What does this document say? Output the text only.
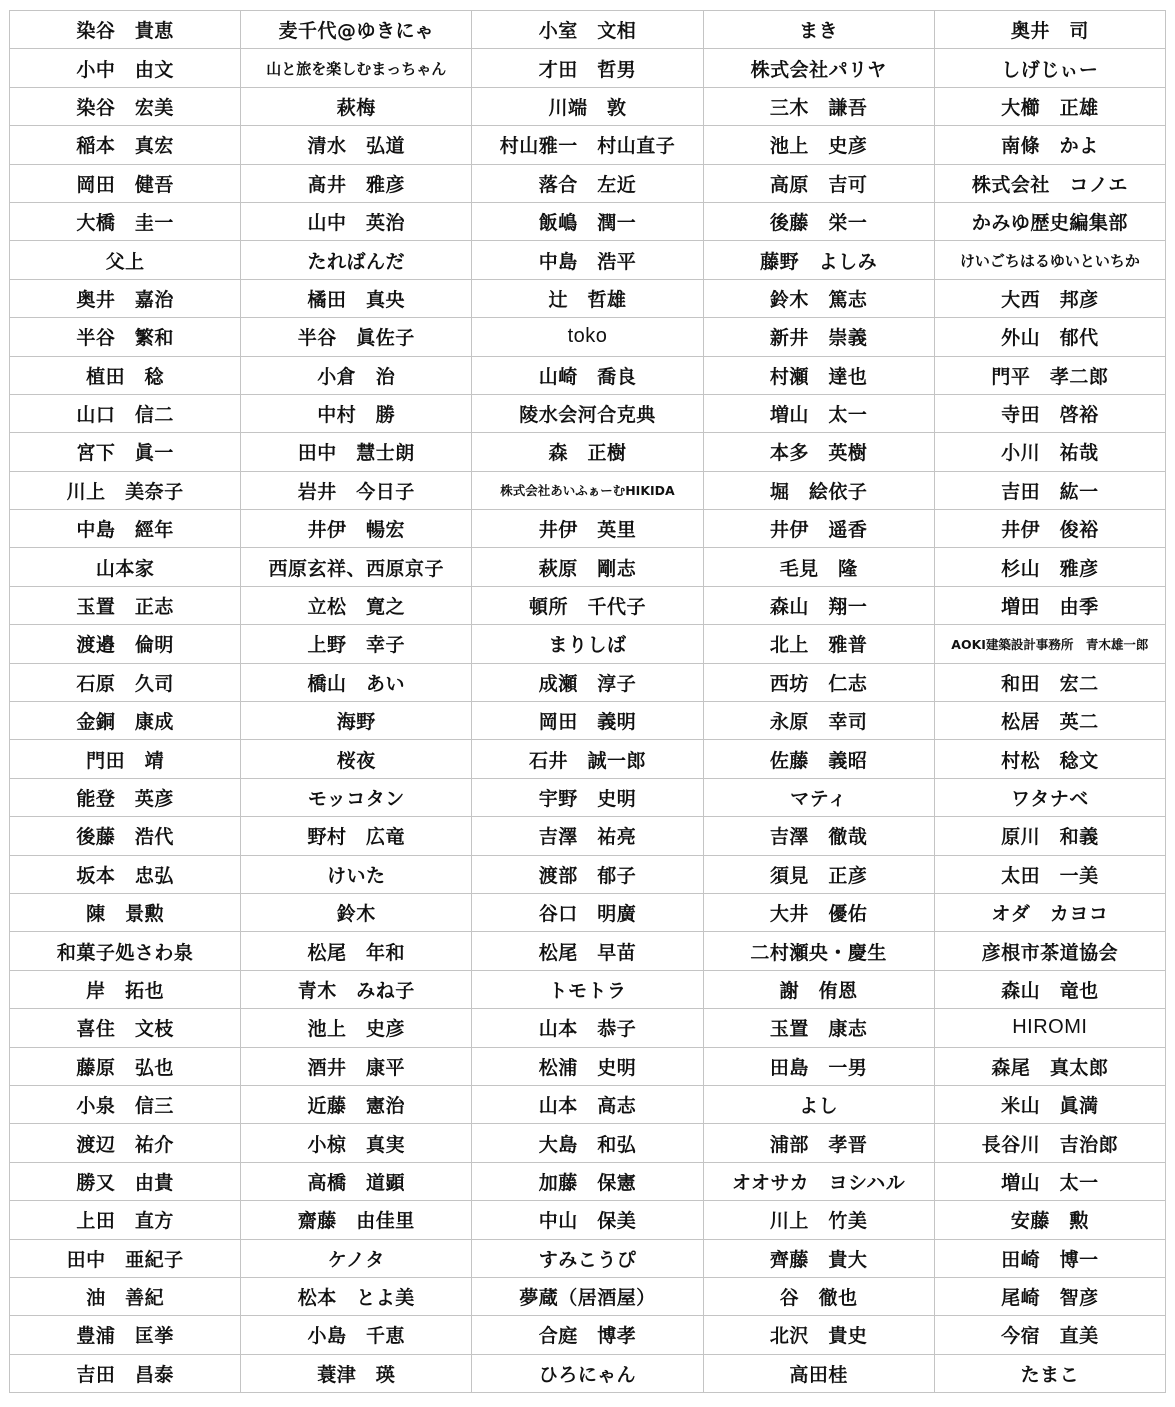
染谷　貴恵	麦千代@ゆきにゃ	小室　文相	まき	奥井　司
小中　由文	山と旅を楽しむまっちゃん	才田　哲男	株式会社パリヤ	しげじぃー
染谷　宏美	萩梅	川端　敦	三木　謙吾	大櫛　正雄
稲本　真宏	清水　弘道	村山雅一　村山直子	池上　史彦	南條　かよ
岡田　健吾	髙井　雅彦	落合　左近	高原　吉可	株式会社　コノエ
大橋　圭一	山中　英治	飯嶋　潤一	後藤　栄一	かみゆ歴史編集部
父上	たればんだ	中島　浩平	藤野　よしみ	けいごちはるゆいといちか
奥井　嘉治	橘田　真央	辻　哲雄	鈴木　篤志	大西　邦彦
半谷　繁和	半谷　眞佐子	toko	新井　崇義	外山　郁代
植田　稔	小倉　治	山崎　喬良	村瀬　達也	門平　孝二郎
山口　信二	中村　勝	陵水会河合克典	増山　太一	寺田　啓裕
宮下　眞一	田中　慧士朗	森　正樹	本多　英樹	小川　祐哉
川上　美奈子	岩井　今日子	株式会社あいふぁーむHIKIDA	堀　絵依子	吉田　紘一
中島　經年	井伊　暢宏	井伊　英里	井伊　遥香	井伊　俊裕
山本家	西原玄祥、西原京子	萩原　剛志	毛見　隆	杉山　雅彦
玉置　正志	立松　寛之	頓所　千代子	森山　翔一	増田　由季
渡邉　倫明	上野　幸子	まりしば	北上　雅普	AOKI建築設計事務所　青木雄一郎
石原　久司	橋山　あい	成瀬　淳子	西坊　仁志	和田　宏二
金銅　康成	海野	岡田　義明	永原　幸司	松居　英二
門田　靖	桜夜	石井　誠一郎	佐藤　義昭	村松　稔文
能登　英彦	モッコタン	宇野　史明	マティ	ワタナベ
後藤　浩代	野村　広竜	吉澤　祐亮	吉澤　徹哉	原川　和義
坂本　忠弘	けいた	渡部　郁子	須見　正彦	太田　一美
陳　景勲	鈴木	谷口　明廣	大井　優佑	オダ　カヨコ
和菓子処さわ泉	松尾　年和	松尾　早苗	二村瀬央・慶生	彦根市茶道協会
岸　拓也	青木　みね子	トモトラ	謝　侑恩	森山　竜也
喜住　文枝	池上　史彦	山本　恭子	玉置　康志	HIROMI
藤原　弘也	酒井　康平	松浦　史明	田島　一男	森尾　真太郎
小泉　信三	近藤　憲治	山本　高志	よし	米山　眞満
渡辺　祐介	小椋　真実	大島　和弘	浦部　孝晋	長谷川　吉治郎
勝又　由貴	高橋　道顕	加藤　保憲	オオサカ　ヨシハル	増山　太一
上田　直方	齋藤　由佳里	中山　保美	川上　竹美	安藤　勲
田中　亜紀子	ケノタ	すみこうぴ	齊藤　貴大	田崎　博一
油　善紀	松本　とよ美	夢蔵（居酒屋）	谷　徹也	尾崎　智彦
豊浦　匡挙	小島　千恵	合庭　博孝	北沢　貴史	今宿　直美
吉田　昌泰	蓑津　瑛	ひろにゃん	高田桂	たまこ
